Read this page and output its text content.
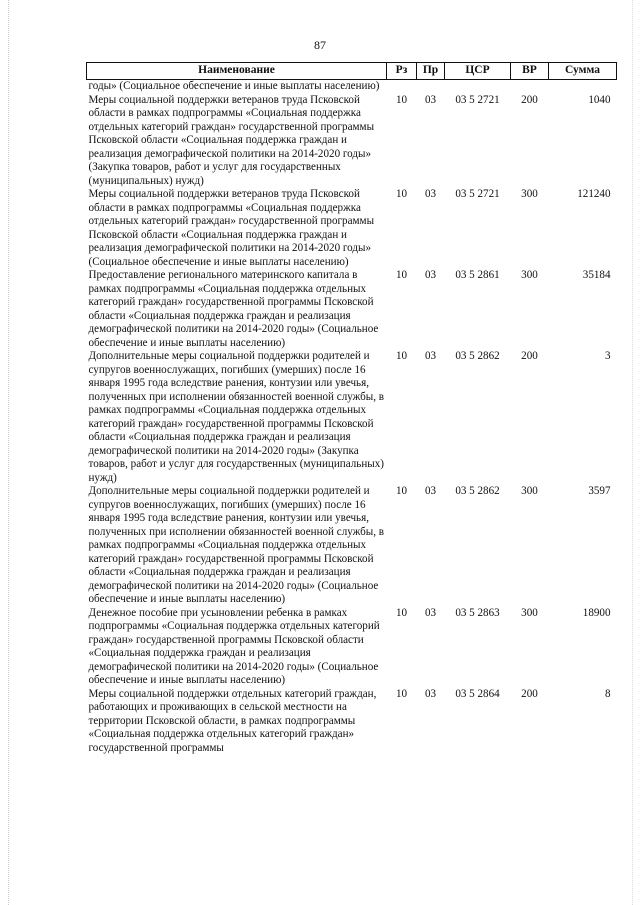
87
Наименование	Рз	Пр	ЦСР	ВР	Сумма
годы» (Социальное обеспечение и иные выплаты населению)					
Меры социальной поддержки ветеранов труда Псковской области в рамках подпрограммы «Социальная поддержка отдельных категорий граждан» государственной программы Псковской области «Социальная поддержка граждан и реализация демографической политики на 2014-2020 годы» (Закупка товаров, работ и услуг для государственных (муниципальных) нужд)	10	03	03 5 2721	200	1040
Меры социальной поддержки ветеранов труда Псковской области в рамках подпрограммы «Социальная поддержка отдельных категорий граждан» государственной программы Псковской области «Социальная поддержка граждан и реализация демографической политики на 2014-2020 годы» (Социальное обеспечение и иные выплаты населению)	10	03	03 5 2721	300	121240
Предоставление регионального материнского капитала в рамках подпрограммы «Социальная поддержка отдельных категорий граждан» государственной программы Псковской области «Социальная поддержка граждан и реализация демографической политики на 2014-2020 годы» (Социальное обеспечение и иные выплаты населению)	10	03	03 5 2861	300	35184
Дополнительные меры социальной поддержки родителей и супругов военнослужащих, погибших (умерших) после 16 января 1995 года вследствие ранения, контузии или увечья, полученных при исполнении обязанностей военной службы, в рамках подпрограммы «Социальная поддержка отдельных категорий граждан» государственной программы Псковской области «Социальная поддержка граждан и реализация демографической политики на 2014-2020 годы» (Закупка товаров, работ и услуг для государственных (муниципальных) нужд)	10	03	03 5 2862	200	3
Дополнительные меры социальной поддержки родителей и супругов военнослужащих, погибших (умерших) после 16 января 1995 года вследствие ранения, контузии или увечья, полученных при исполнении обязанностей военной службы, в рамках подпрограммы «Социальная поддержка отдельных категорий граждан» государственной программы Псковской области «Социальная поддержка граждан и реализация демографической политики на 2014-2020 годы» (Социальное обеспечение и иные выплаты населению)	10	03	03 5 2862	300	3597
Денежное пособие при усыновлении ребенка в рамках подпрограммы «Социальная поддержка отдельных категорий граждан» государственной программы Псковской области «Социальная поддержка граждан и реализация демографической политики на 2014-2020 годы» (Социальное обеспечение и иные выплаты населению)	10	03	03 5 2863	300	18900
Меры социальной поддержки отдельных категорий граждан, работающих и проживающих в сельской местности на территории Псковской области, в рамках подпрограммы «Социальная поддержка отдельных категорий граждан» государственной программы	10	03	03 5 2864	200	8
